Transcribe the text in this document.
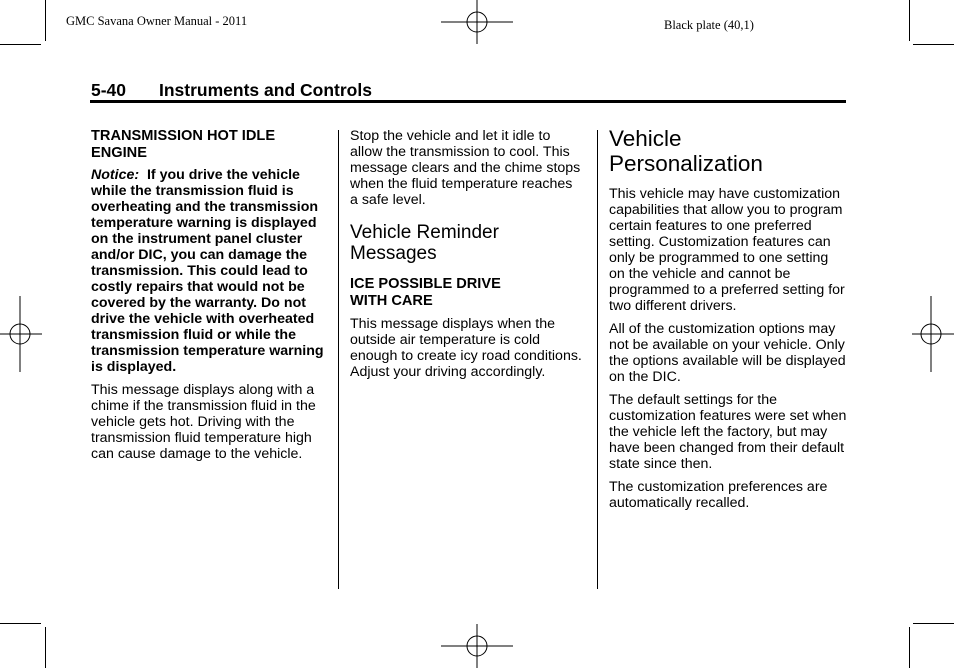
GMC Savana Owner Manual - 2011	Black plate (40,1)
5-40 Instruments and Controls
TRANSMISSION HOT IDLE
ENGINE

Notice: If you drive the vehicle while the transmission fluid is overheating and the transmission temperature warning is displayed on the instrument panel cluster and/or DIC, you can damage the transmission. This could lead to costly repairs that would not be covered by the warranty. Do not drive the vehicle with overheated transmission fluid or while the transmission temperature warning is displayed.

This message displays along with a chime if the transmission fluid in the vehicle gets hot. Driving with the transmission fluid temperature high can cause damage to the vehicle.

Stop the vehicle and let it idle to allow the transmission to cool. This message clears and the chime stops when the fluid temperature reaches a safe level.

Vehicle Reminder
Messages
ICE POSSIBLE DRIVE
WITH CARE

This message displays when the outside air temperature is cold enough to create icy road conditions. Adjust your driving accordingly.

Vehicle
Personalization

This vehicle may have customization capabilities that allow you to program certain features to one preferred setting. Customization features can only be programmed to one setting on the vehicle and cannot be programmed to a preferred setting for two different drivers.

All of the customization options may not be available on your vehicle. Only the options available will be displayed on the DIC.

The default settings for the customization features were set when the vehicle left the factory, but may have been changed from their default state since then.

The customization preferences are automatically recalled.
